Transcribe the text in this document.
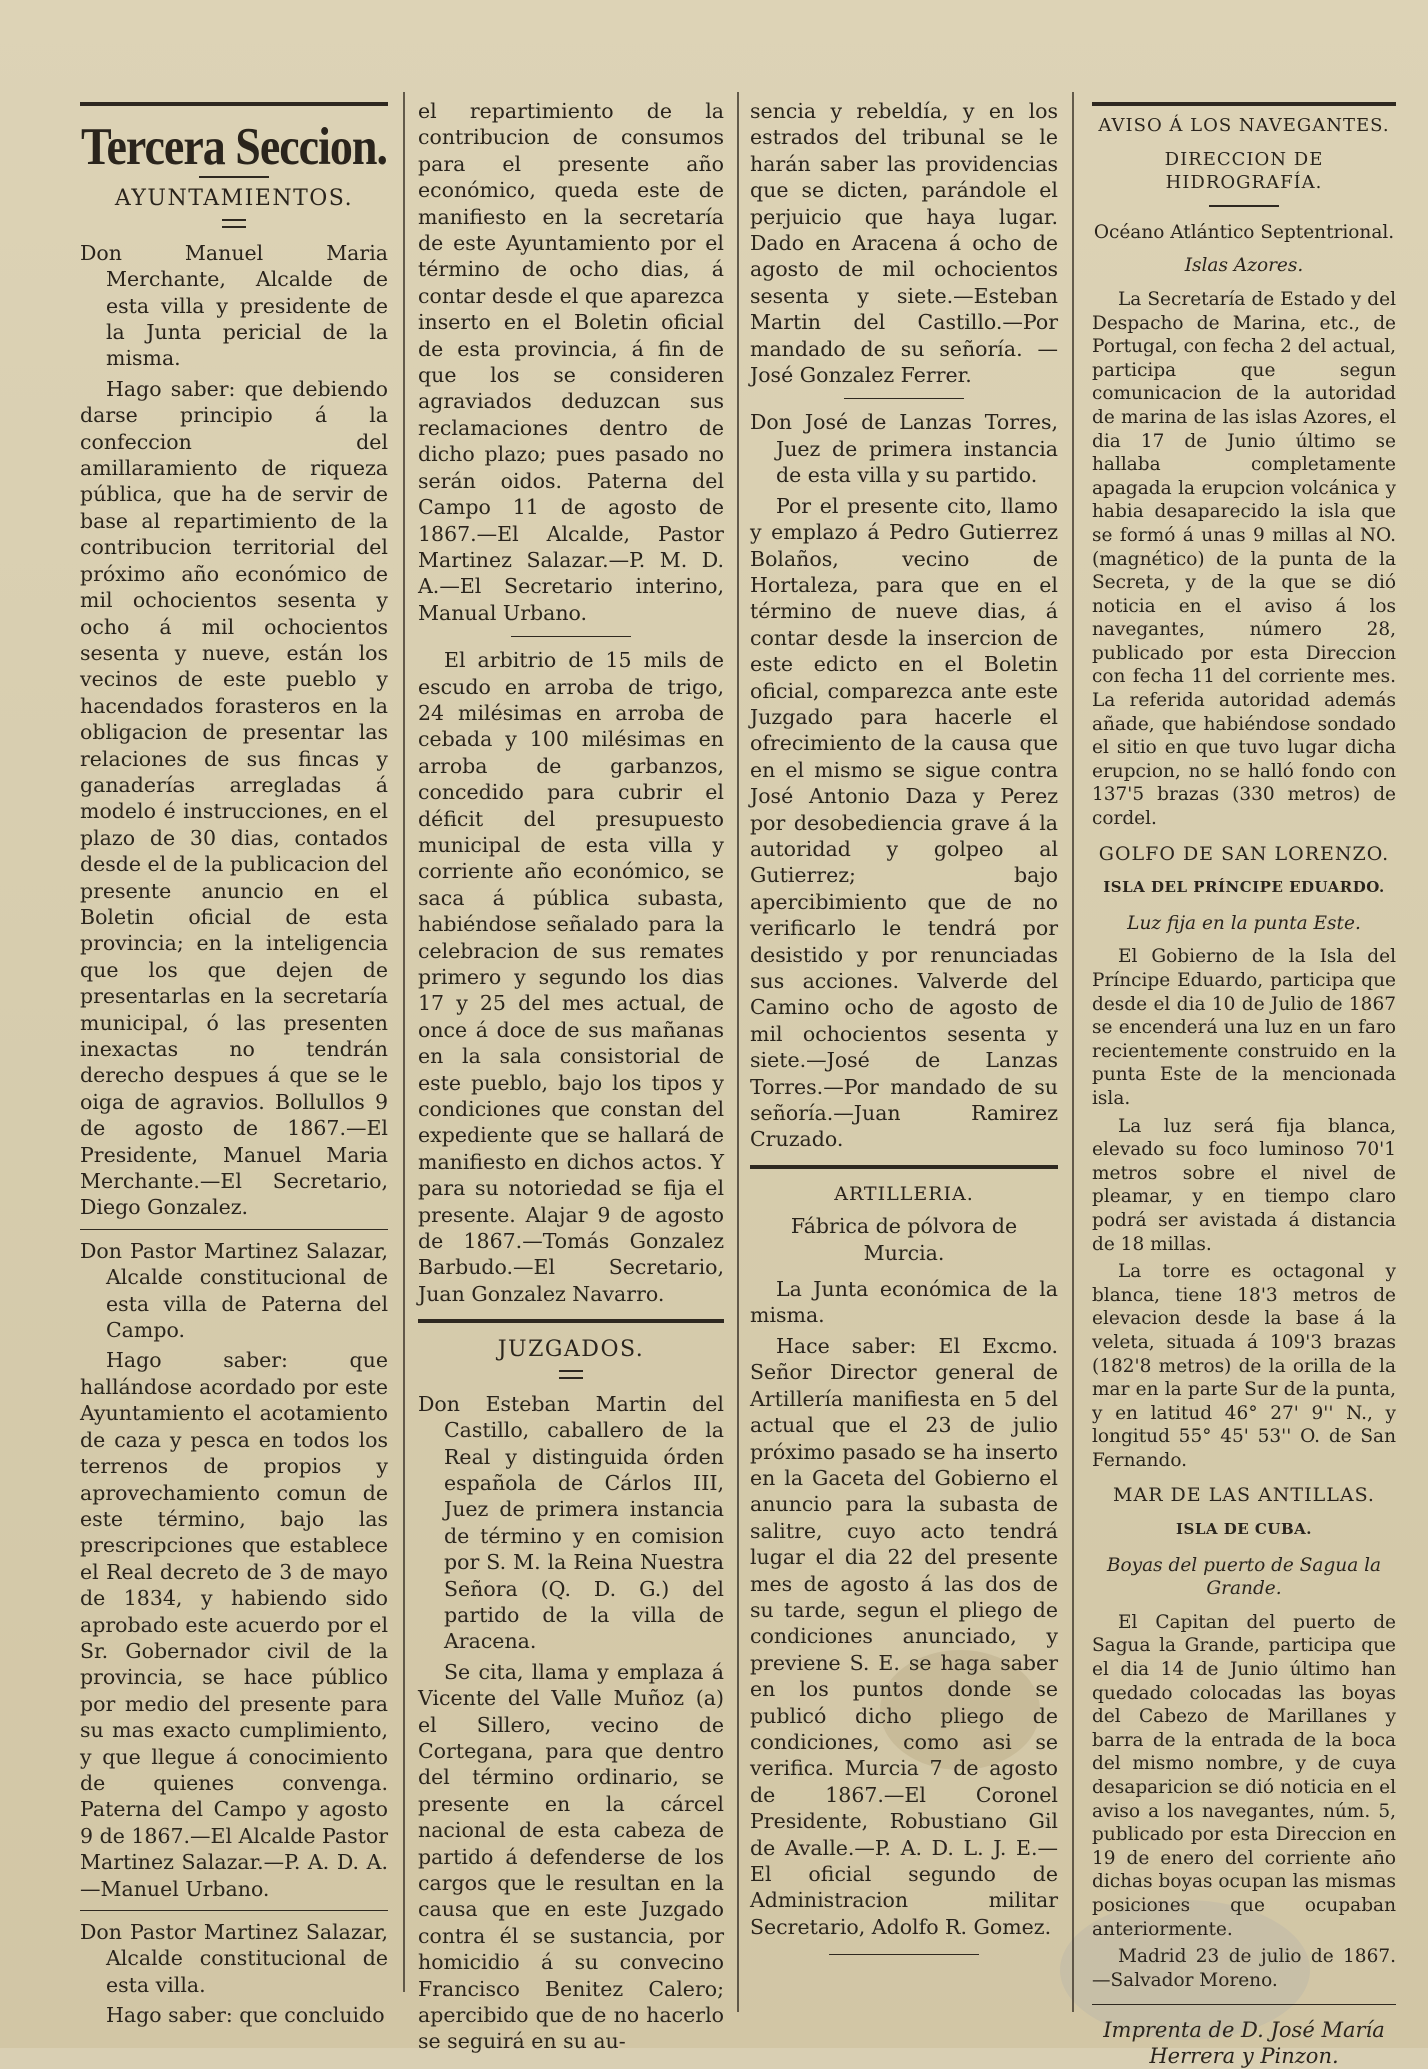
Tercera Seccion.
AYUNTAMIENTOS.

Don Manuel Maria Merchante, Alcalde de esta villa y presidente de la Junta pericial de la misma.

Hago saber: que debiendo darse principio á la confeccion del amillaramiento de riqueza pública, que ha de servir de base al repartimiento de la contribucion territorial del próximo año económico de mil ochocientos sesenta y ocho á mil ochocientos sesenta y nueve, están los vecinos de este pueblo y hacendados forasteros en la obligacion de presentar las relaciones de sus fincas y ganaderías arregladas á modelo é instrucciones, en el plazo de 30 dias, contados desde el de la publicacion del presente anuncio en el Boletin oficial de esta provincia; en la inteligencia que los que dejen de presentarlas en la secretaría municipal, ó las presenten inexactas no tendrán derecho despues á que se le oiga de agravios. Bollullos 9 de agosto de 1867.—El Presidente, Manuel Maria Merchante.—El Secretario, Diego Gonzalez.

Don Pastor Martinez Salazar, Alcalde constitucional de esta villa de Paterna del Campo.

Hago saber: que hallándose acordado por este Ayuntamiento el acotamiento de caza y pesca en todos los terrenos de propios y aprovechamiento comun de este término, bajo las prescripciones que establece el Real decreto de 3 de mayo de 1834, y habiendo sido aprobado este acuerdo por el Sr. Gobernador civil de la provincia, se hace público por medio del presente para su mas exacto cumplimiento, y que llegue á conocimiento de quienes convenga. Paterna del Campo y agosto 9 de 1867.—El Alcalde Pastor Martinez Salazar.—P. A. D. A.—Manuel Urbano.

Don Pastor Martinez Salazar, Alcalde constitucional de esta villa.

Hago saber: que concluido

el repartimiento de la contribucion de consumos para el presente año económico, queda este de manifiesto en la secretaría de este Ayuntamiento por el término de ocho dias, á contar desde el que aparezca inserto en el Boletin oficial de esta provincia, á fin de que los se consideren agraviados deduzcan sus reclamaciones dentro de dicho plazo; pues pasado no serán oidos. Paterna del Campo 11 de agosto de 1867.—El Alcalde, Pastor Martinez Salazar.—P. M. D. A.—El Secretario interino, Manual Urbano.

El arbitrio de 15 mils de escudo en arroba de trigo, 24 milésimas en arroba de cebada y 100 milésimas en arroba de garbanzos, concedido para cubrir el déficit del presupuesto municipal de esta villa y corriente año económico, se saca á pública subasta, habiéndose señalado para la celebracion de sus remates primero y segundo los dias 17 y 25 del mes actual, de once á doce de sus mañanas en la sala consistorial de este pueblo, bajo los tipos y condiciones que constan del expediente que se hallará de manifiesto en dichos actos. Y para su notoriedad se fija el presente. Alajar 9 de agosto de 1867.—Tomás Gonzalez Barbudo.—El Secretario, Juan Gonzalez Navarro.

JUZGADOS.

Don Esteban Martin del Castillo, caballero de la Real y distinguida órden española de Cárlos III, Juez de primera instancia de término y en comision por S. M. la Reina Nuestra Señora (Q. D. G.) del partido de la villa de Aracena.

Se cita, llama y emplaza á Vicente del Valle Muñoz (a) el Sillero, vecino de Cortegana, para que dentro del término ordinario, se presente en la cárcel nacional de esta cabeza de partido á defenderse de los cargos que le resultan en la causa que en este Juzgado contra él se sustancia, por homicidio á su convecino Francisco Benitez Calero; apercibido que de no hacerlo se seguirá en su au-

sencia y rebeldía, y en los estrados del tribunal se le harán saber las providencias que se dicten, parándole el perjuicio que haya lugar. Dado en Aracena á ocho de agosto de mil ochocientos sesenta y siete.—Esteban Martin del Castillo.—Por mandado de su señoría. —José Gonzalez Ferrer.

Don José de Lanzas Torres, Juez de primera instancia de esta villa y su partido.

Por el presente cito, llamo y emplazo á Pedro Gutierrez Bolaños, vecino de Hortaleza, para que en el término de nueve dias, á contar desde la insercion de este edicto en el Boletin oficial, comparezca ante este Juzgado para hacerle el ofrecimiento de la causa que en el mismo se sigue contra José Antonio Daza y Perez por desobediencia grave á la autoridad y golpeo al Gutierrez; bajo apercibimiento que de no verificarlo le tendrá por desistido y por renunciadas sus acciones. Valverde del Camino ocho de agosto de mil ochocientos sesenta y siete.—José de Lanzas Torres.—Por mandado de su señoría.—Juan Ramirez Cruzado.

ARTILLERIA.
Fábrica de pólvora de Murcia.

La Junta económica de la misma.

Hace saber: El Excmo. Señor Director general de Artillería manifiesta en 5 del actual que el 23 de julio próximo pasado se ha inserto en la Gaceta del Gobierno el anuncio para la subasta de salitre, cuyo acto tendrá lugar el dia 22 del presente mes de agosto á las dos de su tarde, segun el pliego de condiciones anunciado, y previene S. E. se haga saber en los puntos donde se publicó dicho pliego de condiciones, como asi se verifica. Murcia 7 de agosto de 1867.—El Coronel Presidente, Robustiano Gil de Avalle.—P. A. D. L. J. E.—El oficial segundo de Administracion militar Secretario, Adolfo R. Gomez.

AVISO Á LOS NAVEGANTES.
DIRECCION DE HIDROGRAFÍA.
Océano Atlántico Septentrional.
Islas Azores.

La Secretaría de Estado y del Despacho de Marina, etc., de Portugal, con fecha 2 del actual, participa que segun comunicacion de la autoridad de marina de las islas Azores, el dia 17 de Junio último se hallaba completamente apagada la erupcion volcánica y habia desaparecido la isla que se formó á unas 9 millas al NO. (magnético) de la punta de la Secreta, y de la que se dió noticia en el aviso á los navegantes, número 28, publicado por esta Direccion con fecha 11 del corriente mes. La referida autoridad además añade, que habiéndose sondado el sitio en que tuvo lugar dicha erupcion, no se halló fondo con 137'5 brazas (330 metros) de cordel.

GOLFO DE SAN LORENZO.
ISLA DEL PRÍNCIPE EDUARDO.
Luz fija en la punta Este.

El Gobierno de la Isla del Príncipe Eduardo, participa que desde el dia 10 de Julio de 1867 se encenderá una luz en un faro recientemente construido en la punta Este de la mencionada isla.

La luz será fija blanca, elevado su foco luminoso 70'1 metros sobre el nivel de pleamar, y en tiempo claro podrá ser avistada á distancia de 18 millas.

La torre es octagonal y blanca, tiene 18'3 metros de elevacion desde la base á la veleta, situada á 109'3 brazas (182'8 metros) de la orilla de la mar en la parte Sur de la punta, y en latitud 46° 27' 9'' N., y longitud 55° 45' 53'' O. de San Fernando.

MAR DE LAS ANTILLAS.
ISLA DE CUBA.
Boyas del puerto de Sagua la Grande.

El Capitan del puerto de Sagua la Grande, participa que el dia 14 de Junio último han quedado colocadas las boyas del Cabezo de Marillanes y barra de la entrada de la boca del mismo nombre, y de cuya desaparicion se dió noticia en el aviso a los navegantes, núm. 5, publicado por esta Direccion en 19 de enero del corriente an̄o dichas boyas ocupan las mismas posiciones que ocupaban anteriormente.

Madrid 23 de julio de 1867.—Salvador Moreno.

Imprenta de D. José María
Herrera y Pinzon.
